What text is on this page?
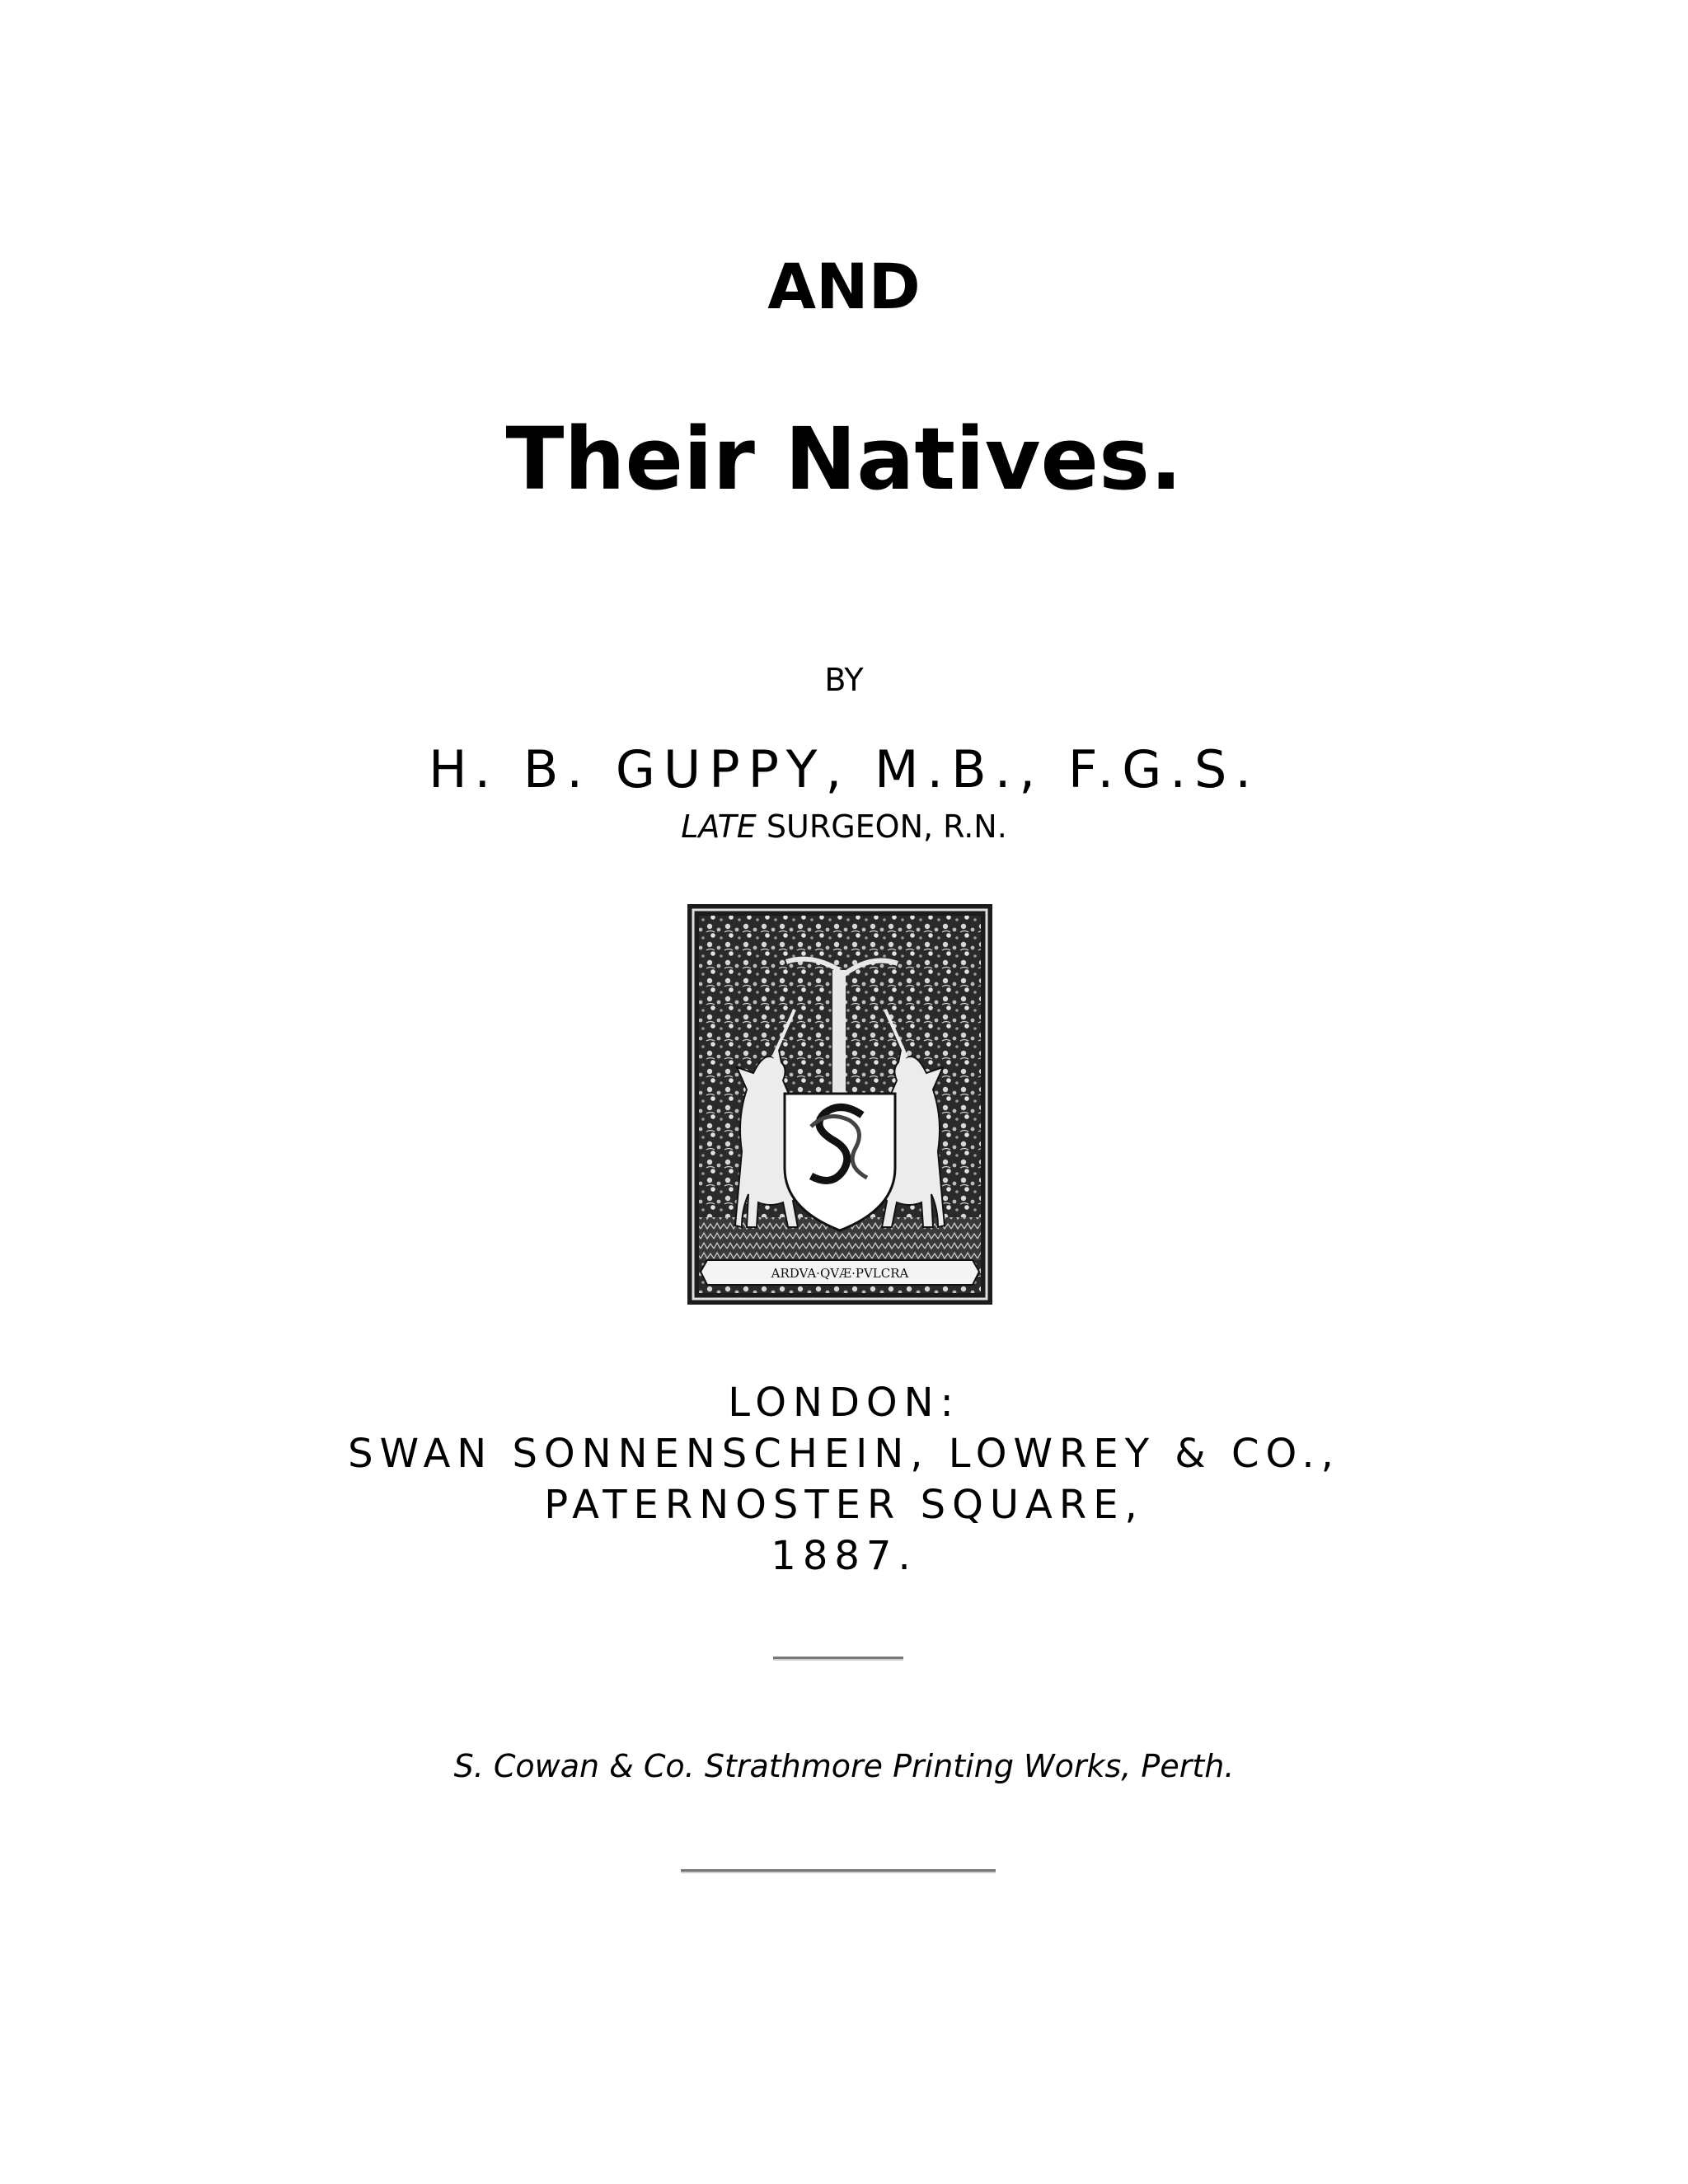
AND
Their Natives.
BY
H. B. GUPPY, M.B., F.G.S.
LATE SURGEON, R.N.
ARDVA·QVÆ·PVLCRA
LONDON:
SWAN SONNENSCHEIN, LOWREY & CO.,
PATERNOSTER SQUARE,
1887.
S. Cowan & Co. Strathmore Printing Works, Perth.
